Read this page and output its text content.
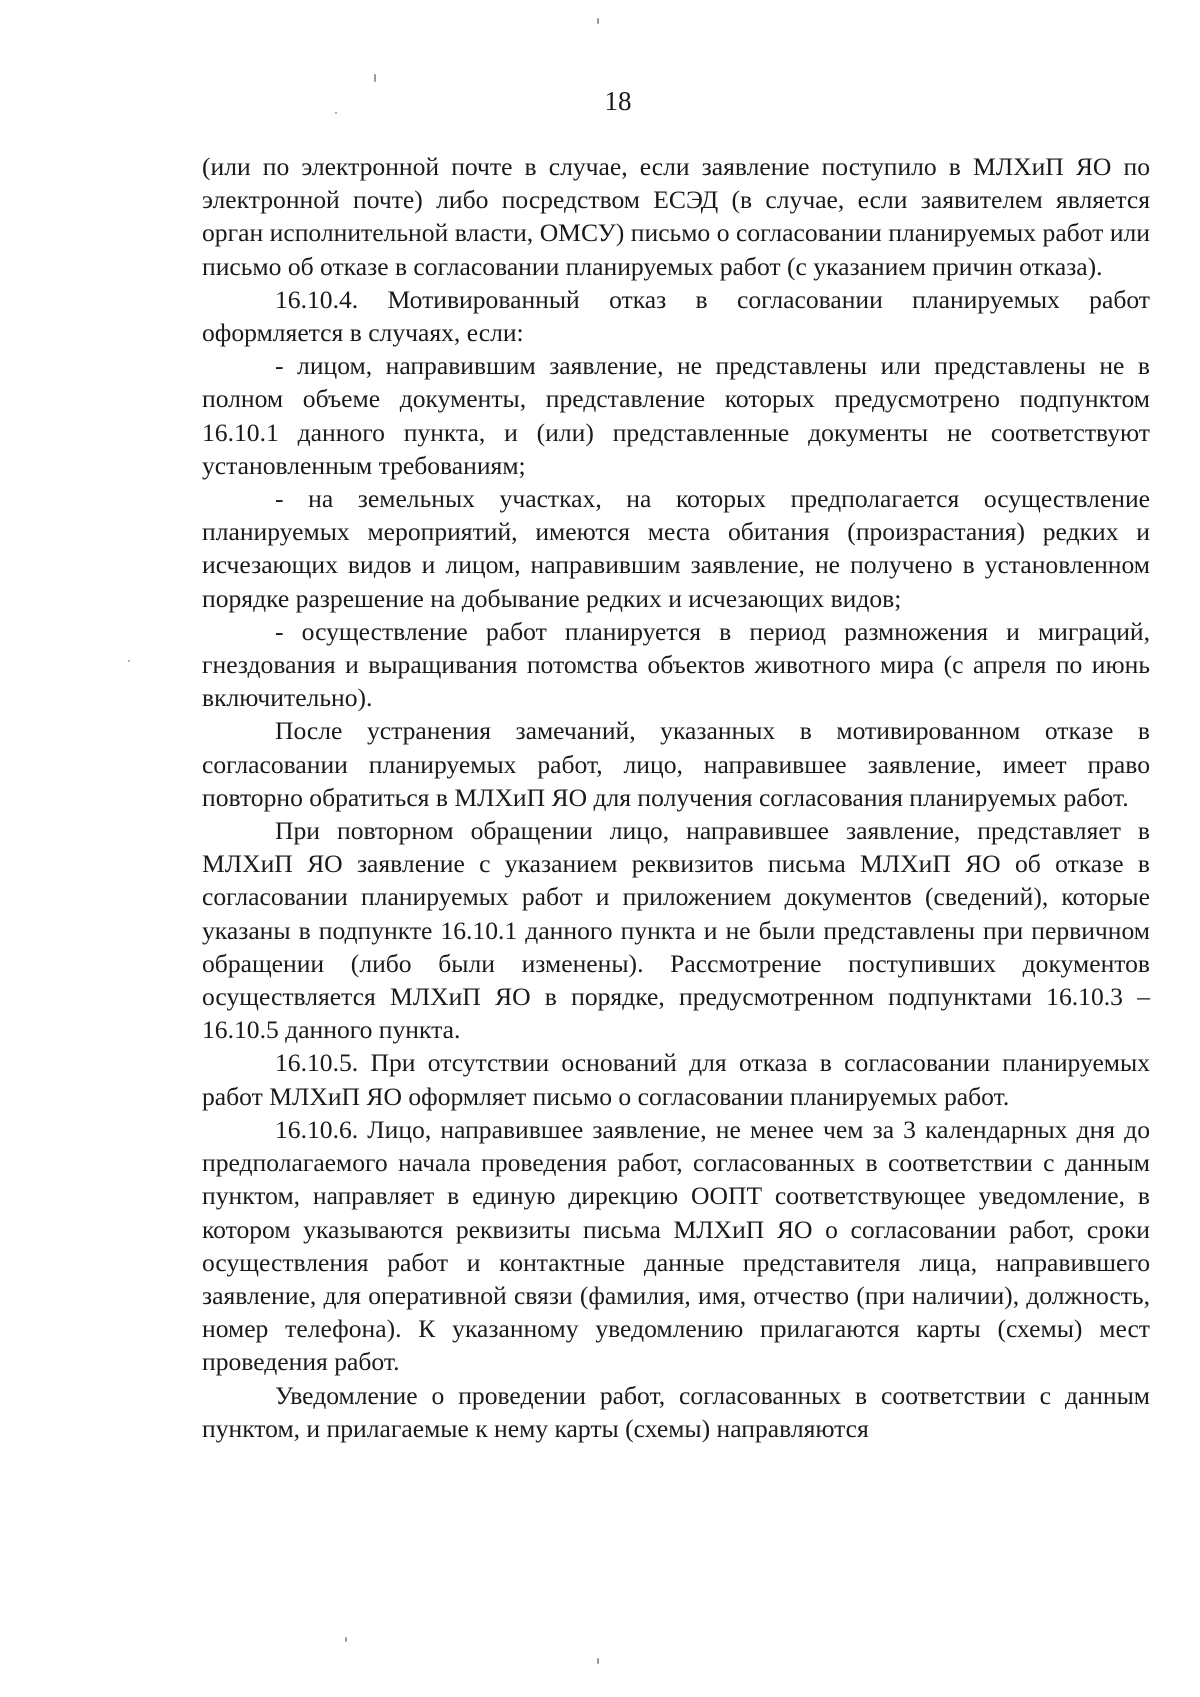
18

(или по электронной почте в случае, если заявление поступило в МЛХиП ЯО по электронной почте) либо посредством ЕСЭД (в случае, если заявителем является орган исполнительной власти, ОМСУ) письмо о согласовании планируемых работ или письмо об отказе в согласовании планируемых работ (с указанием причин отказа).

16.10.4. Мотивированный отказ в согласовании планируемых работ оформляется в случаях, если:

- лицом, направившим заявление, не представлены или представлены не в полном объеме документы, представление которых предусмотрено подпунктом 16.10.1 данного пункта, и (или) представленные документы не соответствуют установленным требованиям;

- на земельных участках, на которых предполагается осуществление планируемых мероприятий, имеются места обитания (произрастания) редких и исчезающих видов и лицом, направившим заявление, не получено в установленном порядке разрешение на добывание редких и исчезающих видов;

- осуществление работ планируется в период размножения и миграций, гнездования и выращивания потомства объектов животного мира (с апреля по июнь включительно).

После устранения замечаний, указанных в мотивированном отказе в согласовании планируемых работ, лицо, направившее заявление, имеет право повторно обратиться в МЛХиП ЯО для получения согласования планируемых работ.

При повторном обращении лицо, направившее заявление, представляет в МЛХиП ЯО заявление с указанием реквизитов письма МЛХиП ЯО об отказе в согласовании планируемых работ и приложением документов (сведений), которые указаны в подпункте 16.10.1 данного пункта и не были представлены при первичном обращении (либо были изменены). Рассмотрение поступивших документов осуществляется МЛХиП ЯО в порядке, предусмотренном подпунктами 16.10.3 – 16.10.5 данного пункта.

16.10.5. При отсутствии оснований для отказа в согласовании планируемых работ МЛХиП ЯО оформляет письмо о согласовании планируемых работ.

16.10.6. Лицо, направившее заявление, не менее чем за 3 календарных дня до предполагаемого начала проведения работ, согласованных в соответствии с данным пунктом, направляет в единую дирекцию ООПТ соответствующее уведомление, в котором указываются реквизиты письма МЛХиП ЯО о согласовании работ, сроки осуществления работ и контактные данные представителя лица, направившего заявление, для оперативной связи (фамилия, имя, отчество (при наличии), должность, номер телефона). К указанному уведомлению прилагаются карты (схемы) мест проведения работ.

Уведомление о проведении работ, согласованных в соответствии с данным пунктом, и прилагаемые к нему карты (схемы) направляются
